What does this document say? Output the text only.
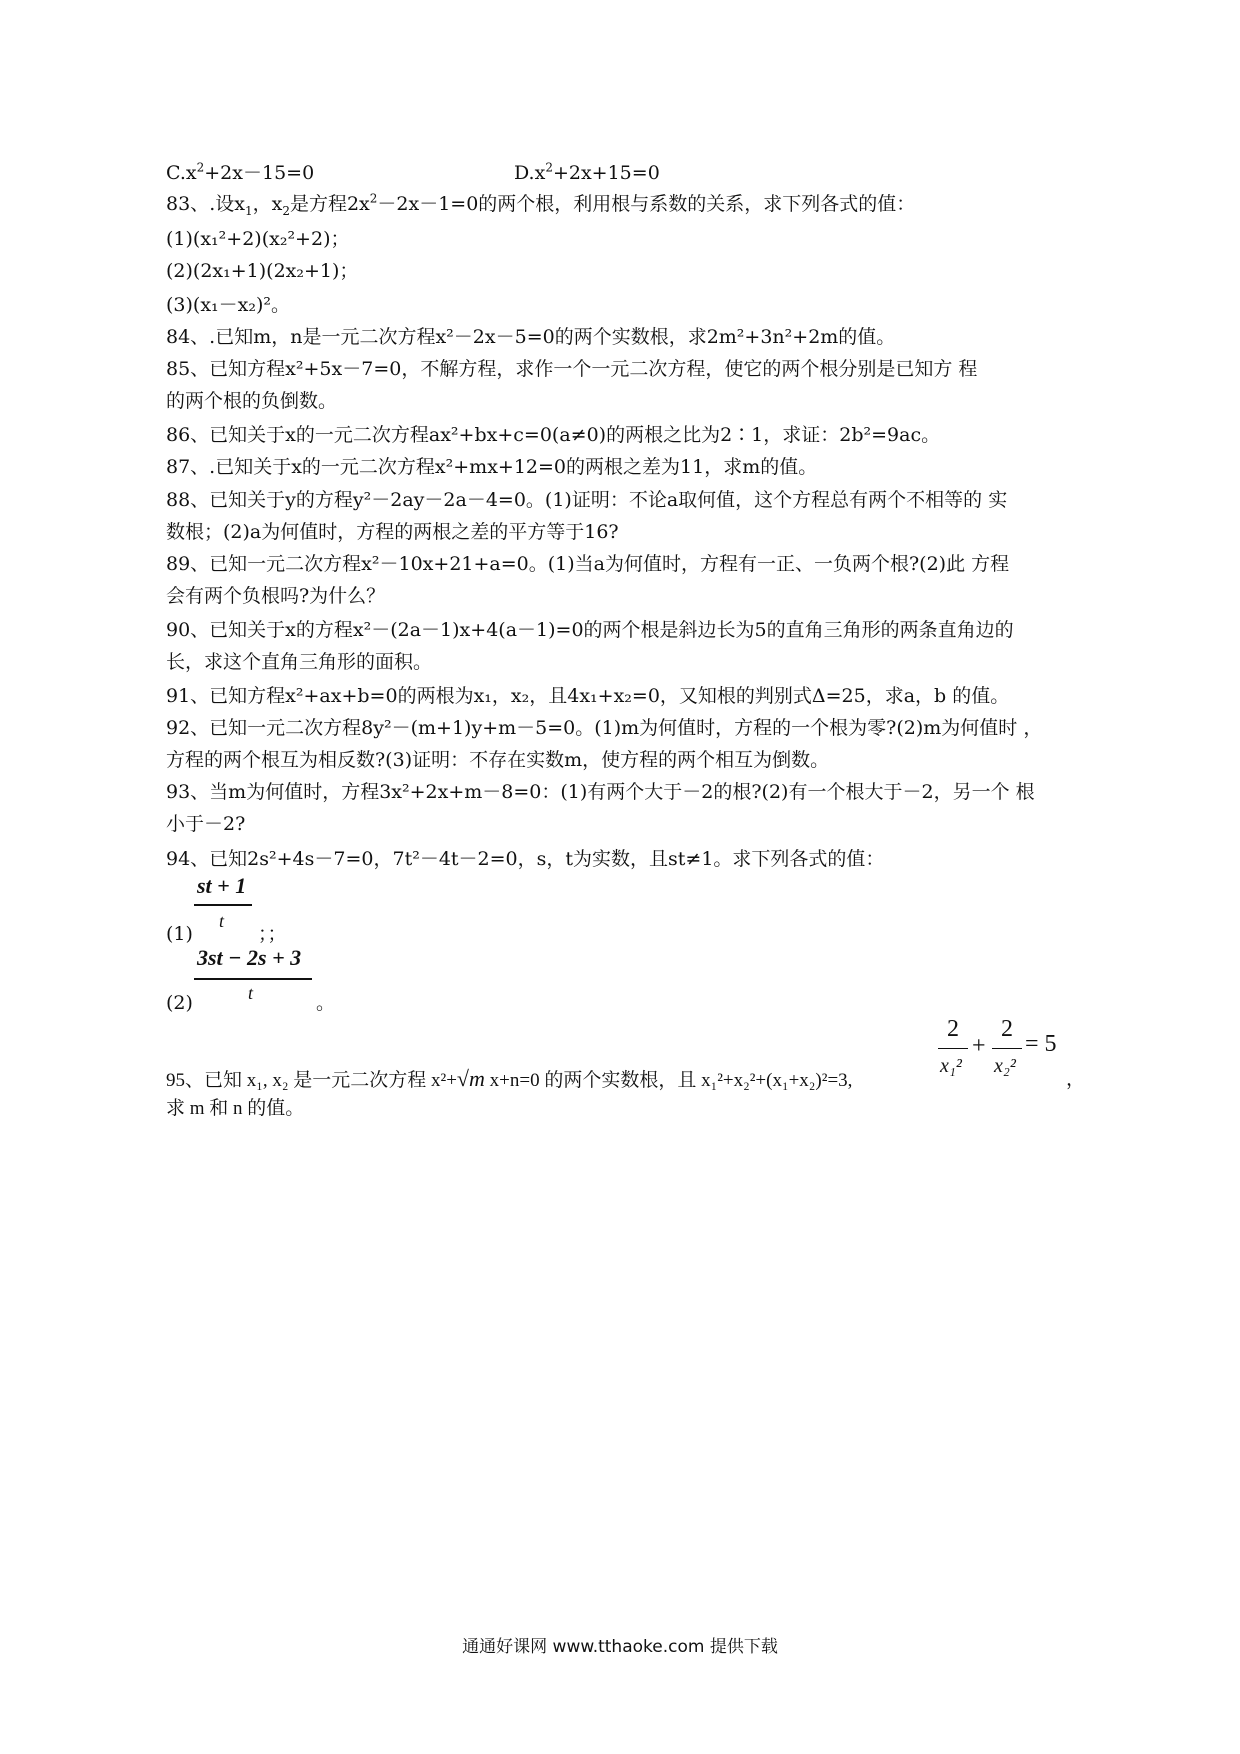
$C.x^2+2x-15=0$	$D.x^2+2x+15=0$
83、.设$x_1$，$x_2$是方程$2x^2-2x-1=0$的两个根，利用根与系数的关系，求下列各式的值：
(1)(x₁²+2)(x₂²+2)；
(2)(2x₁+1)(2x₂+1)；
(3)(x₁－x₂)²。
84、.已知m，n是一元二次方程x²－2x－5=0的两个实数根，求2m²+3n²+2m的值。
85、已知方程x²+5x－7=0，不解方程，求作一个一元二次方程，使它的两个根分别是已知方 程
的两个根的负倒数。
86、已知关于x的一元二次方程ax²+bx+c=0(a≠0)的两根之比为2∶1，求证：2b²=9ac。
87、.已知关于x的一元二次方程x²+mx+12=0的两根之差为11，求m的值。
88、已知关于y的方程y²－2ay－2a－4=0。(1)证明：不论a取何值，这个方程总有两个不相等的 实
数根；(2)a为何值时，方程的两根之差的平方等于16?
89、已知一元二次方程x²－10x+21+a=0。(1)当a为何值时，方程有一正、一负两个根?(2)此 方程
会有两个负根吗?为什么？
90、已知关于x的方程x²－(2a－1)x+4(a－1)=0的两个根是斜边长为5的直角三角形的两条直角边的
长，求这个直角三角形的面积。
91、已知方程x²+ax+b=0的两根为x₁，x₂，且4x₁+x₂=0，又知根的判别式Δ=25，求a，b 的值。
92、已知一元二次方程8y²－(m+1)y+m－5=0。(1)m为何值时，方程的一个根为零?(2)m为何值时 ，
方程的两个根互为相反数?(3)证明：不存在实数m，使方程的两个相互为倒数。
93、当m为何值时，方程3x²+2x+m－8=0：(1)有两个大于－2的根?(2)有一个根大于－2，另一个 根
小于－2?
94、已知2s²+4s－7=0，7t²－4t－2=0，s，t为实数，且st≠1。求下列各式的值：
st + 1
t
(1)	；；
3st − 2s + 3
t
(2)	。
95、已知 x₁, x₂ 是一元二次方程 x²+√m x+n=0 的两个实数根，且 x₁²+x₂²+(x₁+x₂)²=3,
2
x₁²
+
2
x₂²
= 5
，
求 m 和 n 的值。
通通好课网 www.tthaoke.com 提供下载
